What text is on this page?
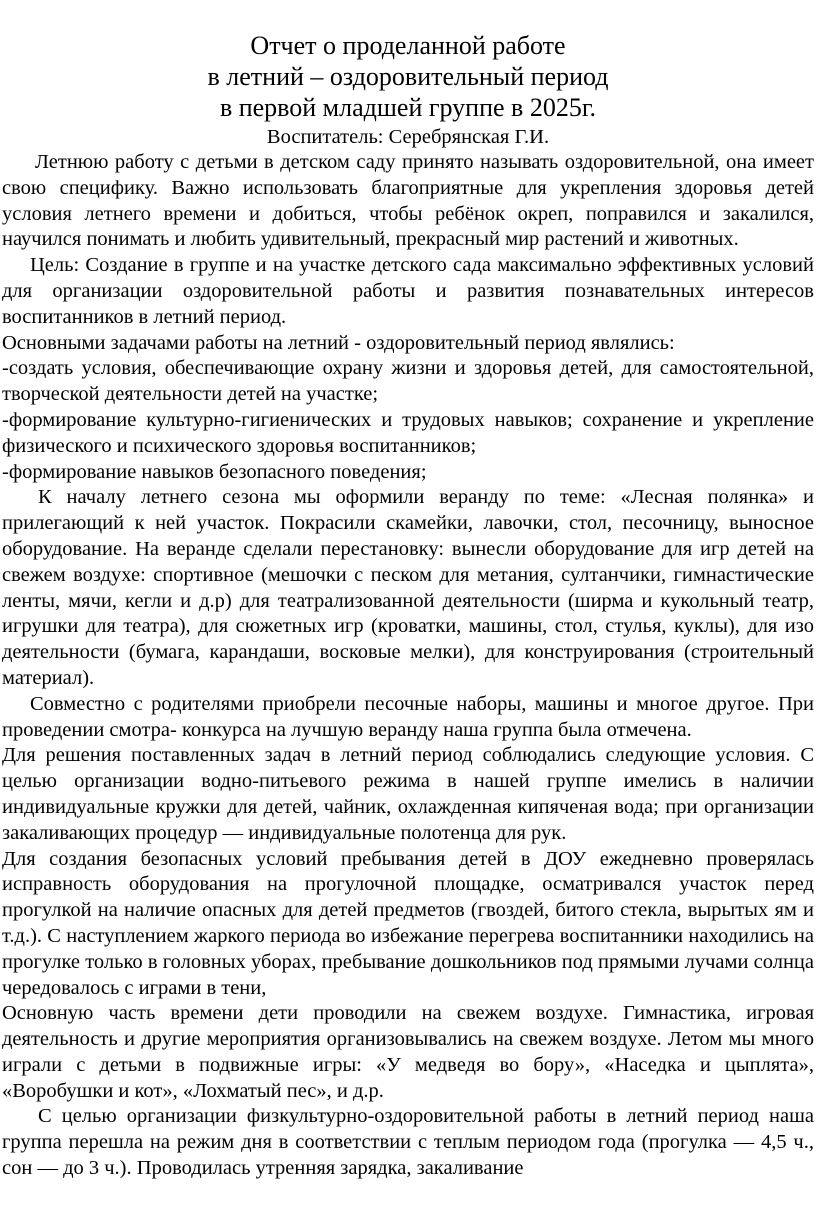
Отчет о проделанной работе
в летний – оздоровительный период
в первой младшей группе в 2025г.
Воспитатель: Серебрянская Г.И.

Летнюю работу с детьми в детском саду принято называть оздоровительной, она имеет свою специфику. Важно использовать благоприятные для укрепления здоровья детей условия летнего времени и добиться, чтобы ребёнок окреп, поправился и закалился, научился понимать и любить удивительный, прекрасный мир растений и животных.

Цель: Создание в группе и на участке детского сада максимально эффективных условий для организации оздоровительной работы и развития познавательных интересов воспитанников в летний период.

Основными задачами работы на летний - оздоровительный период являлись:

-создать условия, обеспечивающие охрану жизни и здоровья детей, для самостоятельной, творческой деятельности детей на участке;

-формирование культурно-гигиенических и трудовых навыков; сохранение и укрепление физического и психического здоровья воспитанников;

-формирование навыков безопасного поведения;

К началу летнего сезона мы оформили веранду по теме: «Лесная полянка» и прилегающий к ней участок. Покрасили скамейки, лавочки, стол, песочницу, выносное оборудование. На веранде сделали перестановку: вынесли оборудование для игр детей на свежем воздухе: спортивное (мешочки с песком для метания, султанчики, гимнастические ленты, мячи, кегли и д.р) для театрализованной деятельности (ширма и кукольный театр, игрушки для театра), для сюжетных игр (кроватки, машины, стол, стулья, куклы), для изо деятельности (бумага, карандаши, восковые мелки), для конструирования (строительный материал).

Совместно с родителями приобрели песочные наборы, машины и многое другое. При проведении смотра- конкурса на лучшую веранду наша группа была отмечена.

Для решения поставленных задач в летний период соблюдались следующие условия. С целью организации водно-питьевого режима в нашей группе имелись в наличии индивидуальные кружки для детей, чайник, охлажденная кипяченая вода; при организации закаливающих процедур — индивидуальные полотенца для рук.

Для создания безопасных условий пребывания детей в ДОУ ежедневно проверялась исправность оборудования на прогулочной площадке, осматривался участок перед прогулкой на наличие опасных для детей предметов (гвоздей, битого стекла, вырытых ям и т.д.). С наступлением жаркого периода во избежание перегрева воспитанники находились на прогулке только в головных уборах, пребывание дошкольников под прямыми лучами солнца чередовалось с играми в тени,

Основную часть времени дети проводили на свежем воздухе. Гимнастика, игровая деятельность и другие мероприятия организовывались на свежем воздухе. Летом мы много играли с детьми в подвижные игры: «У медведя во бору», «Наседка и цыплята», «Воробушки и кот», «Лохматый пес», и д.р.

С целью организации физкультурно-оздоровительной работы в летний период наша группа перешла на режим дня в соответствии с теплым периодом года (прогулка — 4,5 ч., сон — до 3 ч.). Проводилась утренняя зарядка, закаливание
